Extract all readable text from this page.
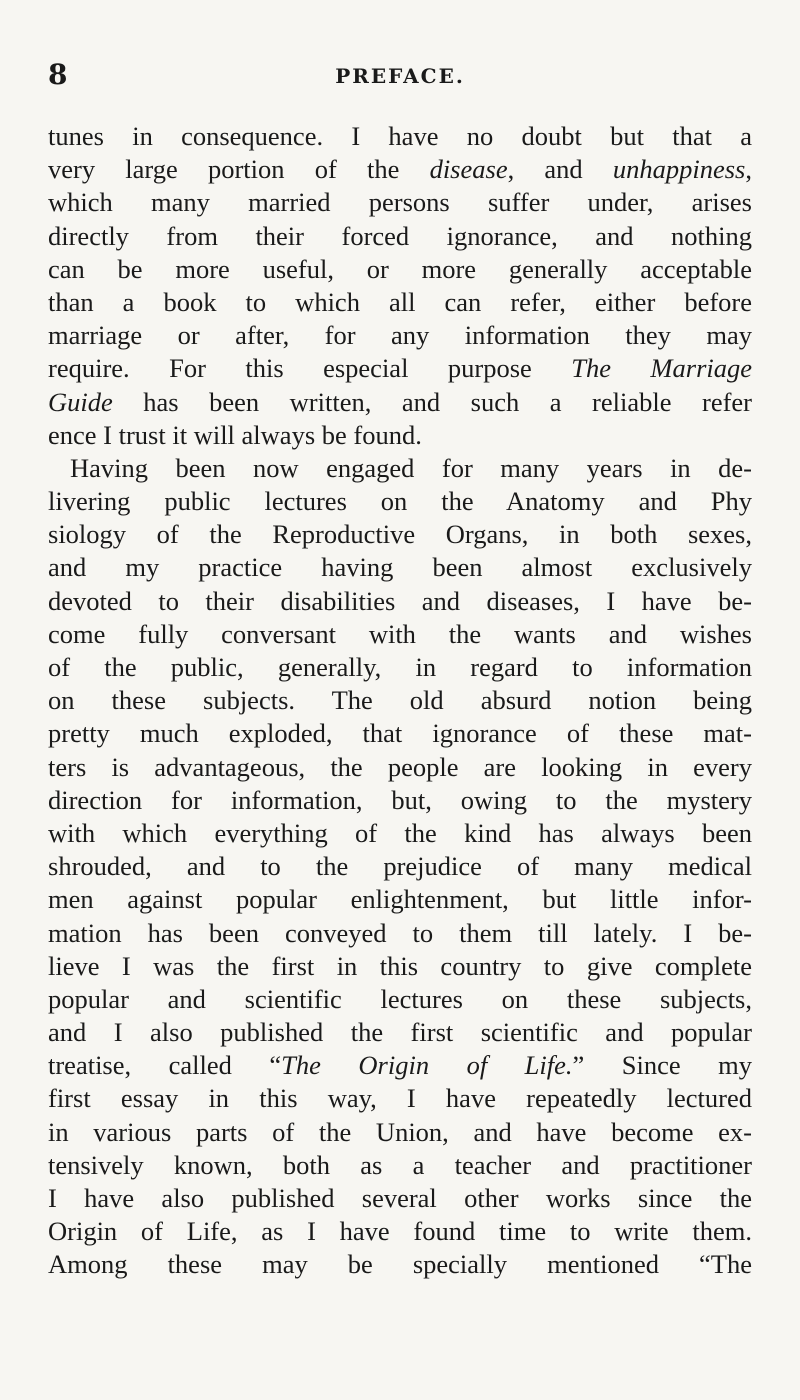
8	PREFACE.
tunes in consequence. I have no doubt but that a
very large portion of the disease, and unhappiness,
which many married persons suffer under, arises
directly from their forced ignorance, and nothing
can be more useful, or more generally acceptable
than a book to which all can refer, either before
marriage or after, for any information they may
require. For this especial purpose The Marriage
Guide has been written, and such a reliable refer
ence I trust it will always be found.
Having been now engaged for many years in de-
livering public lectures on the Anatomy and Phy
siology of the Reproductive Organs, in both sexes,
and my practice having been almost exclusively
devoted to their disabilities and diseases, I have be-
come fully conversant with the wants and wishes
of the public, generally, in regard to information
on these subjects. The old absurd notion being
pretty much exploded, that ignorance of these mat-
ters is advantageous, the people are looking in every
direction for information, but, owing to the mystery
with which everything of the kind has always been
shrouded, and to the prejudice of many medical
men against popular enlightenment, but little infor-
mation has been conveyed to them till lately. I be-
lieve I was the first in this country to give complete
popular and scientific lectures on these subjects,
and I also published the first scientific and popular
treatise, called “The Origin of Life.” Since my
first essay in this way, I have repeatedly lectured
in various parts of the Union, and have become ex-
tensively known, both as a teacher and practitioner
I have also published several other works since the
Origin of Life, as I have found time to write them.
Among these may be specially mentioned “The
